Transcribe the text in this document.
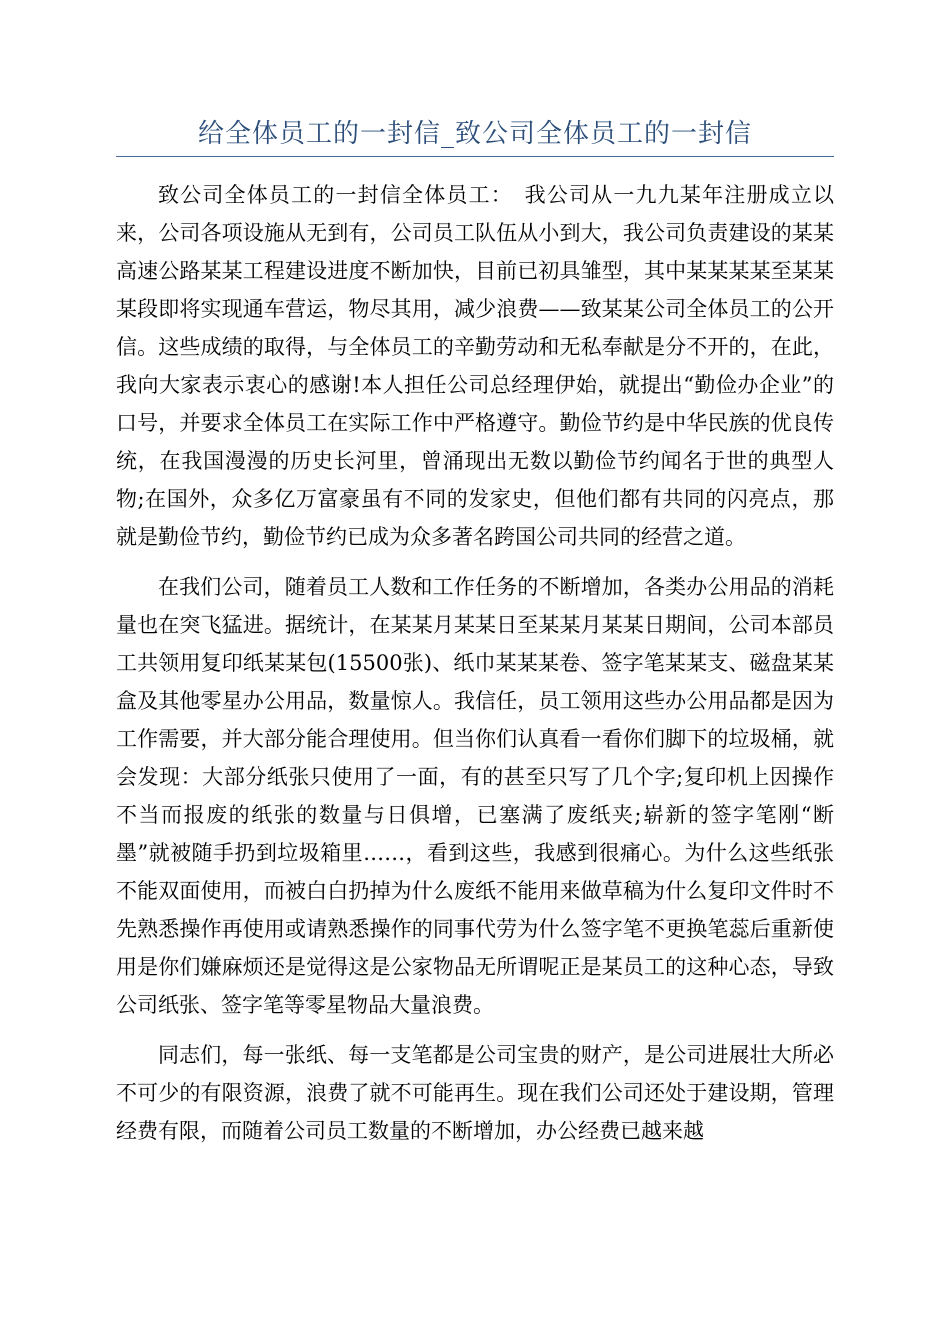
给全体员工的一封信_致公司全体员工的一封信

致公司全体员工的一封信全体员工：　我公司从一九九某年注册成立以来，公司各项设施从无到有，公司员工队伍从小到大，我公司负责建设的某某高速公路某某工程建设进度不断加快，目前已初具雏型，其中某某某某至某某某段即将实现通车营运，物尽其用，减少浪费——致某某公司全体员工的公开信。这些成绩的取得，与全体员工的辛勤劳动和无私奉献是分不开的，在此，我向大家表示衷心的感谢!本人担任公司总经理伊始，就提出“勤俭办企业”的口号，并要求全体员工在实际工作中严格遵守。勤俭节约是中华民族的优良传统，在我国漫漫的历史长河里，曾涌现出无数以勤俭节约闻名于世的典型人物;在国外，众多亿万富豪虽有不同的发家史，但他们都有共同的闪亮点，那就是勤俭节约，勤俭节约已成为众多著名跨国公司共同的经营之道。

在我们公司，随着员工人数和工作任务的不断增加，各类办公用品的消耗量也在突飞猛进。据统计，在某某月某某日至某某月某某日期间，公司本部员工共领用复印纸某某包(15500张)、纸巾某某某卷、签字笔某某支、磁盘某某盒及其他零星办公用品，数量惊人。我信任，员工领用这些办公用品都是因为工作需要，并大部分能合理使用。但当你们认真看一看你们脚下的垃圾桶，就会发现：大部分纸张只使用了一面，有的甚至只写了几个字;复印机上因操作不当而报废的纸张的数量与日俱增，已塞满了废纸夹;崭新的签字笔刚“断墨”就被随手扔到垃圾箱里……，看到这些，我感到很痛心。为什么这些纸张不能双面使用，而被白白扔掉为什么废纸不能用来做草稿为什么复印文件时不先熟悉操作再使用或请熟悉操作的同事代劳为什么签字笔不更换笔蕊后重新使用是你们嫌麻烦还是觉得这是公家物品无所谓呢正是某员工的这种心态，导致公司纸张、签字笔等零星物品大量浪费。

同志们，每一张纸、每一支笔都是公司宝贵的财产，是公司进展壮大所必不可少的有限资源，浪费了就不可能再生。现在我们公司还处于建设期，管理经费有限，而随着公司员工数量的不断增加，办公经费已越来越
